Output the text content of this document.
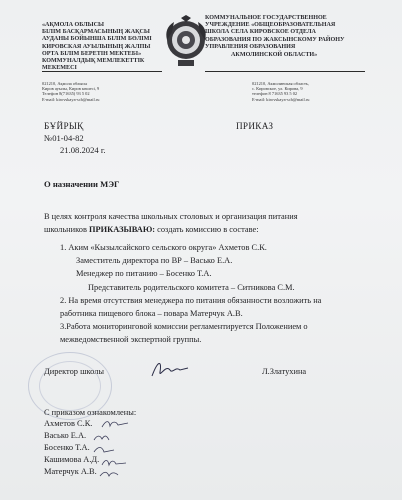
«АҚМОЛА ОБЛЫСЫ
БІЛІМ БАСҚАРМАСЫНЫҢ ЖАҚСЫ
АУДАНЫ БОЙЫНША БІЛІМ БӨЛІМІ
КИРОВСКАЯ АУЫЛЫНЫҢ ЖАЛПЫ
ОРТА БІЛІМ БЕРЕТІН МЕКТЕБІ»
КОММУНАЛДЫҚ МЕМЛЕКЕТТІК
МЕКЕМЕСІ
КОММУНАЛЬНОЕ ГОСУДАРСТВЕННОЕ
УЧРЕЖДЕНИЕ «ОБЩЕОБРАЗОВАТЕЛЬНАЯ
ШКОЛА СЕЛА КИРОВСКОЕ ОТДЕЛА
ОБРАЗОВАНИЯ ПО ЖАКСЫНСКОМУ РАЙОНУ
УПРАВЛЕНИЯ ОБРАЗОВАНИЯ
АКМОЛИНСКОЙ ОБЛАСТИ»
021210, Ақмола облысы
Киров ауылы, Киров көшесі, 9
Телефон 8(71635) 93 5 02
E-mail: kirovskaya-sch@mail.ru
021210, Акмолинская область,
с. Кировское, ул. Кирова, 9
телефон 8 71635 93 5 02
E-mail: kirovskaya-sch@mail.ru
БҰЙРЫҚ	ПРИКАЗ
№01-04-82
21.08.2024 г.
О назначении МЭГ
В целях контроля качества школьных столовых и организация питания
школьников ПРИКАЗЫВАЮ: создать комиссию в составе:
1. Аким «Кызылсайского сельского округа» Ахметов С.К.
Заместитель директора по ВР – Васько Е.А.
Менеджер по питанию – Босенко Т.А.
Представитель родительского комитета – Ситникова С.М.
2. На время отсутствия менеджера по питания обязанности возложить на
работника пищевого блока – повара Матерчук А.В.
3.Работа мониторинговой комиссии регламентируется Положением о
межведомственной экспертной группы.
Директор школы	Л.Златухина
С приказом ознакомлены:
Ахметов С.К.
Васько Е.А.
Босенко Т.А.
Кашимова А.Д.
Матерчук А.В.
